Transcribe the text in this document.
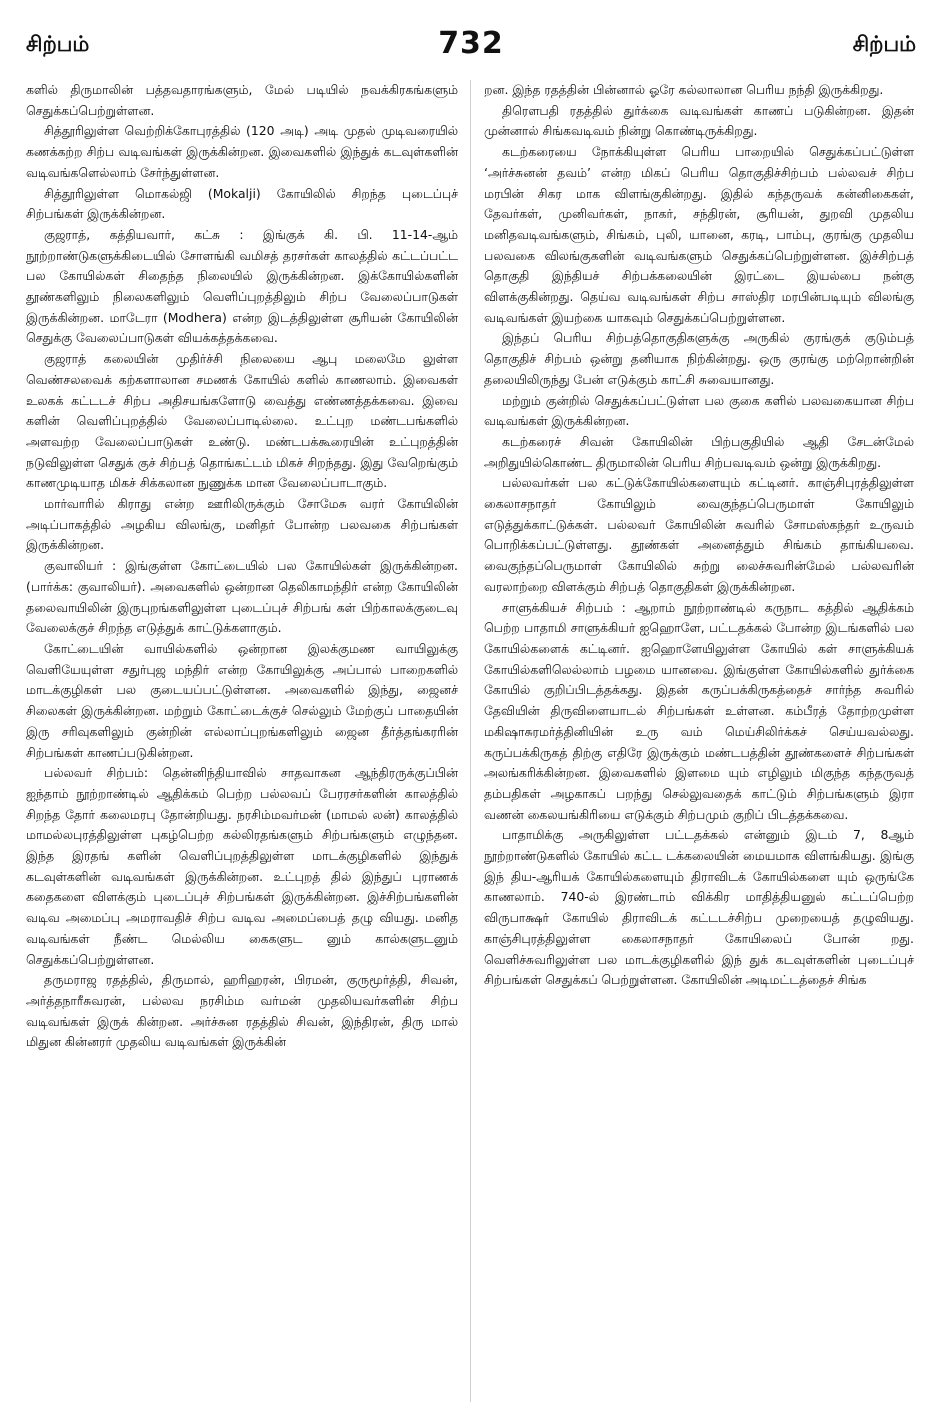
சிற்பம்	732	சிற்பம்

களில் திருமாலின் பத்தவதாரங்களும், மேல் படியில் நவக்கிரகங்களும் செதுக்கப்பெற்றுள்ளன.

சித்தூரிலுள்ள வெற்றிக்கோபுரத்தில் (120 அடி) அடி முதல் முடிவரையில் கணக்கற்ற சிற்ப வடிவங்கள் இருக்கின்றன. இவைகளில் இந்துக் கடவுள்களின் வடிவங்களெல்லாம் சேர்ந்துள்ளன.

சித்தூரிலுள்ள மொகல்ஜி (Mokalji) கோயிலில் சிறந்த புடைப்புச் சிற்பங்கள் இருக்கின்றன.

குஜராத், கத்தியவார், கட்சு : இங்குக் கி. பி. 11-14-ஆம் நூற்றாண்டுகளுக்கிடையில் சோளங்கி வமிசத் தரசர்கள் காலத்தில் கட்டப்பட்ட பல கோயில்கள் சிதைந்த நிலையில் இருக்கின்றன. இக்கோயில்களின் தூண்களிலும் நிலைகளிலும் வெளிப்புறத்திலும் சிற்ப வேலைப்பாடுகள் இருக்கின்றன. மாடேரா (Modhera) என்ற இடத்திலுள்ள சூரியன் கோயிலின் செதுக்கு வேலைப்பாடுகள் வியக்கத்தக்கவை.

குஜராத் கலையின் முதிர்ச்சி நிலையை ஆபு மலைமே லுள்ள வெண்சலவைக் கற்களாலான சமணக் கோயில் களில் காணலாம். இவைகள் உலகக் கட்டடச் சிற்ப அதிசயங்களோடு வைத்து எண்ணத்தக்கவை. இவை களின் வெளிப்புறத்தில் வேலைப்பாடில்லை. உட்புற மண்டபங்களில் அளவற்ற வேலைப்பாடுகள் உண்டு. மண்டபக்கூரையின் உட்புறத்தின் நடுவிலுள்ள செதுக் குச் சிற்பத் தொங்கட்டம் மிகச் சிறந்தது. இது வேறெங்கும் காணமுடியாத மிகச் சிக்கலான நுணுக்க மான வேலைப்பாடாகும்.

மார்வாரில் கிராது என்ற ஊரிலிருக்கும் சோமேசு வரர் கோயிலின் அடிப்பாகத்தில் அழகிய விலங்கு, மனிதர் போன்ற பலவகை சிற்பங்கள் இருக்கின்றன.

குவாலியர் : இங்குள்ள கோட்டையில் பல கோயில்கள் இருக்கின்றன. (பார்க்க: குவாலியர்). அவைகளில் ஒன்றான தெலிகாமந்திர் என்ற கோயிலின் தலைவாயிலின் இருபுறங்களிலுள்ள புடைப்புச் சிற்பங் கள் பிற்காலக்குடைவு வேலைக்குச் சிறந்த எடுத்துக் காட்டுக்களாகும்.

கோட்டையின் வாயில்களில் ஒன்றான இலக்குமண வாயிலுக்கு வெளியேயுள்ள சதுர்புஜ மந்திர் என்ற கோயிலுக்கு அப்பால் பாறைகளில் மாடக்குழிகள் பல குடையப்பட்டுள்ளன. அவைகளில் இந்து, ஜைனச் சிலைகள் இருக்கின்றன. மற்றும் கோட்டைக்குச் செல்லும் மேற்குப் பாதையின் இரு சரிவுகளிலும் குன்றின் எல்லாப்புறங்களிலும் ஜைன தீர்த்தங்கரரின் சிற்பங்கள் காணப்படுகின்றன.

பல்லவர் சிற்பம்: தென்னிந்தியாவில் சாதவாகன ஆந்திரருக்குப்பின் ஐந்தாம் நூற்றாண்டில் ஆதிக்கம் பெற்ற பல்லவப் பேரரசர்களின் காலத்தில் சிறந்த தோர் கலைமரபு தோன்றியது. நரசிம்மவர்மன் (மாமல் லன்) காலத்தில் மாமல்லபுரத்திலுள்ள புகழ்பெற்ற கல்லிரதங்களும் சிற்பங்களும் எழுந்தன. இந்த இரதங் களின் வெளிப்புறத்திலுள்ள மாடக்குழிகளில் இந்துக் கடவுள்களின் வடிவங்கள் இருக்கின்றன. உட்புறத் தில் இந்துப் புராணக் கதைகளை விளக்கும் புடைப்புச் சிற்பங்கள் இருக்கின்றன. இச்சிற்பங்களின் வடிவ அமைப்பு அமராவதிச் சிற்ப வடிவ அமைப்பைத் தழு வியது. மனித வடிவங்கள் நீண்ட மெல்லிய கைகளுட னும் கால்களுடனும் செதுக்கப்பெற்றுள்ளன.

தருமராஜ ரதத்தில், திருமால், ஹரிஹரன், பிரமன், குருமூர்த்தி, சிவன், அர்த்தநாரீசுவரன், பல்லவ நரசிம்ம வர்மன் முதலியவர்களின் சிற்ப வடிவங்கள் இருக் கின்றன. அர்ச்சுன ரதத்தில் சிவன், இந்திரன், திரு மால் மிதுன கின்னரர் முதலிய வடிவங்கள் இருக்கின்

றன. இந்த ரதத்தின் பின்னால் ஓரே கல்லாலான பெரிய நந்தி இருக்கிறது.

திரௌபதி ரதத்தில் துர்க்கை வடிவங்கள் காணப் படுகின்றன. இதன் முன்னால் சிங்கவடிவம் நின்று கொண்டிருக்கிறது.

கடற்கரையை நோக்கியுள்ள பெரிய பாறையில் செதுக்கப்பட்டுள்ள ‘அர்ச்சுனன் தவம்’ என்ற மிகப் பெரிய தொகுதிச்சிற்பம் பல்லவச் சிற்ப மரபின் சிகர மாக விளங்குகின்றது. இதில் கந்தருவக் கன்னிகைகள், தேவர்கள், முனிவர்கள், நாகர், சந்திரன், சூரியன், துறவி முதலிய மனிதவடிவங்களும், சிங்கம், புலி, யானை, கரடி, பாம்பு, குரங்கு முதலிய பலவகை விலங்குகளின் வடிவங்களும் செதுக்கப்பெற்றுள்ளன. இச்சிற்பத் தொகுதி இந்தியச் சிற்பக்கலையின் இரட்டை இயல்பை நன்கு விளக்குகின்றது. தெய்வ வடிவங்கள் சிற்ப சாஸ்திர மரபின்படியும் விலங்கு வடிவங்கள் இயற்கை யாகவும் செதுக்கப்பெற்றுள்ளன.

இந்தப் பெரிய சிற்பத்தொகுதிகளுக்கு அருகில் குரங்குக் குடும்பத் தொகுதிச் சிற்பம் ஒன்று தனியாக நிற்கின்றது. ஒரு குரங்கு மற்றொன்றின் தலையிலிருந்து பேன் எடுக்கும் காட்சி சுவையானது.

மற்றும் குன்றில் செதுக்கப்பட்டுள்ள பல குகை களில் பலவகையான சிற்ப வடிவங்கள் இருக்கின்றன.

கடற்கரைச் சிவன் கோயிலின் பிற்பகுதியில் ஆதி சேடன்மேல் அறிதுயில்கொண்ட திருமாலின் பெரிய சிற்பவடிவம் ஒன்று இருக்கிறது.

பல்லவர்கள் பல கட்டுக்கோயில்களையும் கட்டினர். காஞ்சிபுரத்திலுள்ள கைலாசநாதர் கோயிலும் வைகுந்தப்பெருமாள் கோயிலும் எடுத்துக்காட்டுக்கள். பல்லவர் கோயிலின் சுவரில் சோமஸ்கந்தர் உருவம் பொறிக்கப்பட்டுள்ளது. தூண்கள் அனைத்தும் சிங்கம் தாங்கியவை. வைகுந்தப்பெருமாள் கோயிலில் சுற்று லைச்சுவரின்மேல் பல்லவரின் வரலாற்றை விளக்கும் சிற்பத் தொகுதிகள் இருக்கின்றன.

சாளுக்கியச் சிற்பம் : ஆறாம் நூற்றாண்டில் கருநாட கத்தில் ஆதிக்கம் பெற்ற பாதாமி சாளுக்கியர் ஐஹொளே, பட்டதக்கல் போன்ற இடங்களில் பல கோயில்களைக் கட்டினர். ஐஹொளேயிலுள்ள கோயில் கள் சாளுக்கியக் கோயில்களிலெல்லாம் பழமை யானவை. இங்குள்ள கோயில்களில் துர்க்கை கோயில் குறிப்பிடத்தக்கது. இதன் கருப்பக்கிருகத்தைச் சார்ந்த சுவரில் தேவியின் திருவிளையாடல் சிற்பங்கள் உள்ளன. கம்பீரத் தோற்றமுள்ள மகிஷாசுரமர்த்தினியின் உரு வம் மெய்சிலிர்க்கச் செய்யவல்லது. கருப்பக்கிருகத் திற்கு எதிரே இருக்கும் மண்டபத்தின் தூண்களைச் சிற்பங்கள் அலங்கரிக்கின்றன. இவைகளில் இளமை யும் எழிலும் மிகுந்த கந்தருவத் தம்பதிகள் அழகாகப் பறந்து செல்லுவதைக் காட்டும் சிற்பங்களும் இரா வணன் கைலயங்கிரியை எடுக்கும் சிற்பமும் குறிப் பிடத்தக்கவை.

பாதாமிக்கு அருகிலுள்ள பட்டதக்கல் என்னும் இடம் 7, 8ஆம் நூற்றாண்டுகளில் கோயில் கட்ட டக்கலையின் மையமாக விளங்கியது. இங்கு இந் திய-ஆரியக் கோயில்களையும் திராவிடக் கோயில்களை யும் ஒருங்கே காணலாம். 740-ல் இரண்டாம் விக்கிர மாதித்தியனுல் கட்டப்பெற்ற விருபாக்ஷர் கோயில் திராவிடக் கட்டடச்சிற்ப முறையைத் தழுவியது. காஞ்சிபுரத்திலுள்ள கைலாசநாதர் கோயிலைப் போன் றது. வெளிச்சுவரிலுள்ள பல மாடக்குழிகளில் இந் துக் கடவுள்களின் புடைப்புச் சிற்பங்கள் செதுக்கப் பெற்றுள்ளன. கோயிலின் அடிமட்டத்தைச் சிங்க
